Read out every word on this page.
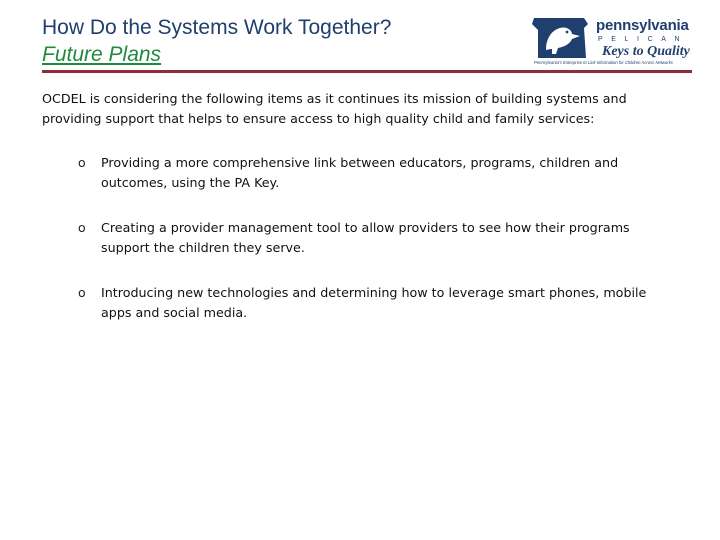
How Do the Systems Work Together?
Future Plans
pennsylvania
PELICAN
Keys to Quality
Pennsylvania's Enterprise to Link Information for Children Across Networks

OCDEL is considering the following items as it continues its mission of building systems and providing support that helps to ensure access to high quality child and family services:

o Providing a more comprehensive link between educators, programs, children and outcomes, using the PA Key.
o Creating a provider management tool to allow providers to see how their programs support the children they serve.
o Introducing new technologies and determining how to leverage smart phones, mobile apps and social media.
